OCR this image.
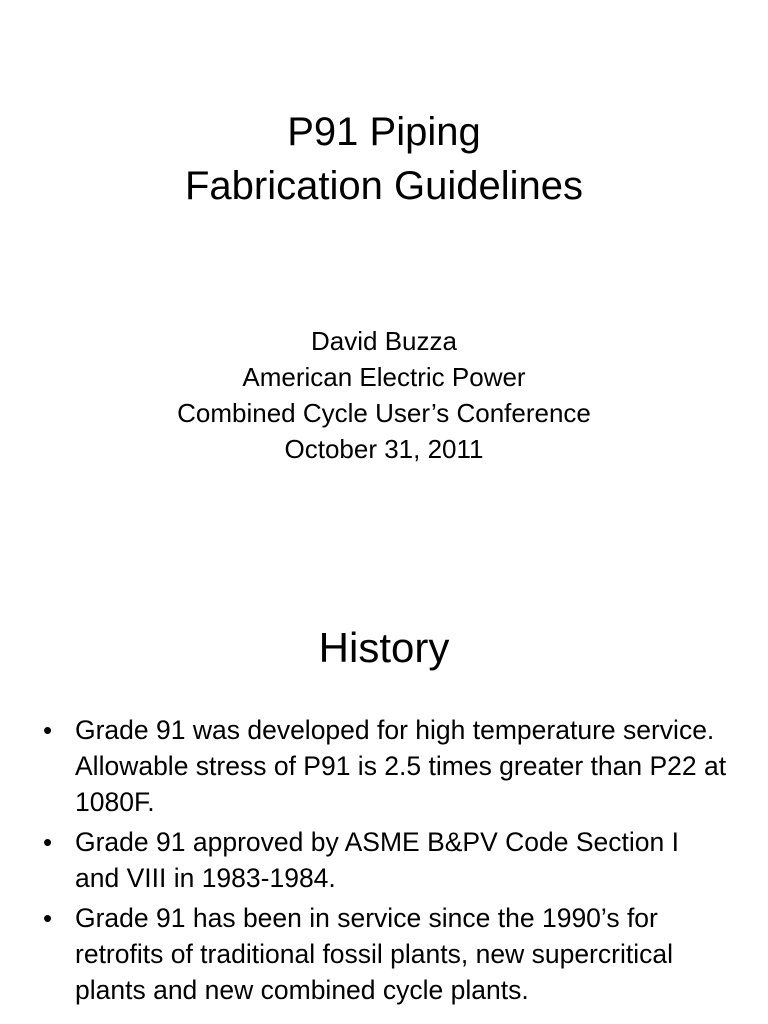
P91 Piping
Fabrication Guidelines
David Buzza
American Electric Power
Combined Cycle User’s Conference
October 31, 2011
History
• Grade 91 was developed for high temperature service. Allowable stress of P91 is 2.5 times greater than P22 at 1080F.
• Grade 91 approved by ASME B&PV Code Section I and VIII in 1983-1984.
• Grade 91 has been in service since the 1990’s for retrofits of traditional fossil plants, new supercritical plants and new combined cycle plants.
